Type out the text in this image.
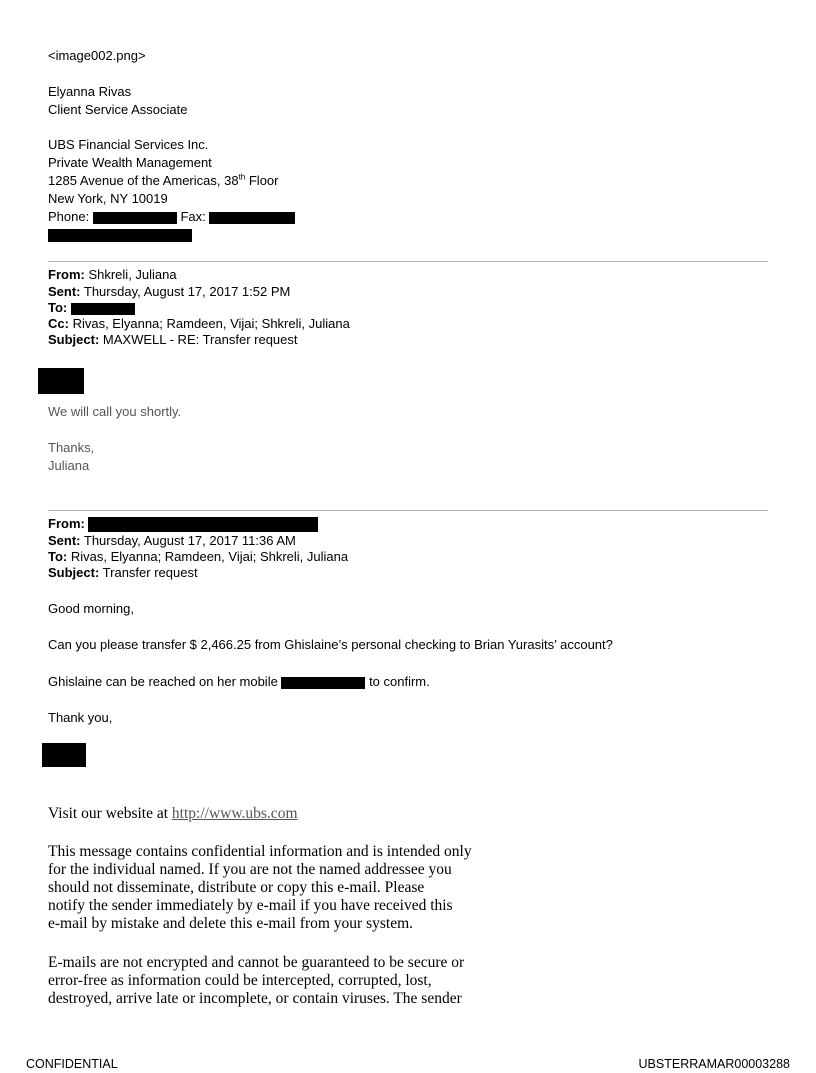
<image002.png>
Elyanna Rivas
Client Service Associate
UBS Financial Services Inc.
Private Wealth Management
1285 Avenue of the Americas, 38th Floor
New York, NY 10019
Phone:	Fax:
From: Shkreli, Juliana
Sent: Thursday, August 17, 2017 1:52 PM
To:
Cc: Rivas, Elyanna; Ramdeen, Vijai; Shkreli, Juliana
Subject: MAXWELL - RE: Transfer request
We will call you shortly.
Thanks,
Juliana
From:
Sent: Thursday, August 17, 2017 11:36 AM
To: Rivas, Elyanna; Ramdeen, Vijai; Shkreli, Juliana
Subject: Transfer request
Good morning,
Can you please transfer $ 2,466.25 from Ghislaine’s personal checking to Brian Yurasits’ account?
Ghislaine can be reached on her mobile	to confirm.
Thank you,
Visit our website at http://www.ubs.com
This message contains confidential information and is intended only
for the individual named. If you are not the named addressee you
should not disseminate, distribute or copy this e-mail. Please
notify the sender immediately by e-mail if you have received this
e-mail by mistake and delete this e-mail from your system.
E-mails are not encrypted and cannot be guaranteed to be secure or
error-free as information could be intercepted, corrupted, lost,
destroyed, arrive late or incomplete, or contain viruses. The sender
CONFIDENTIAL	UBSTERRAMAR00003288
